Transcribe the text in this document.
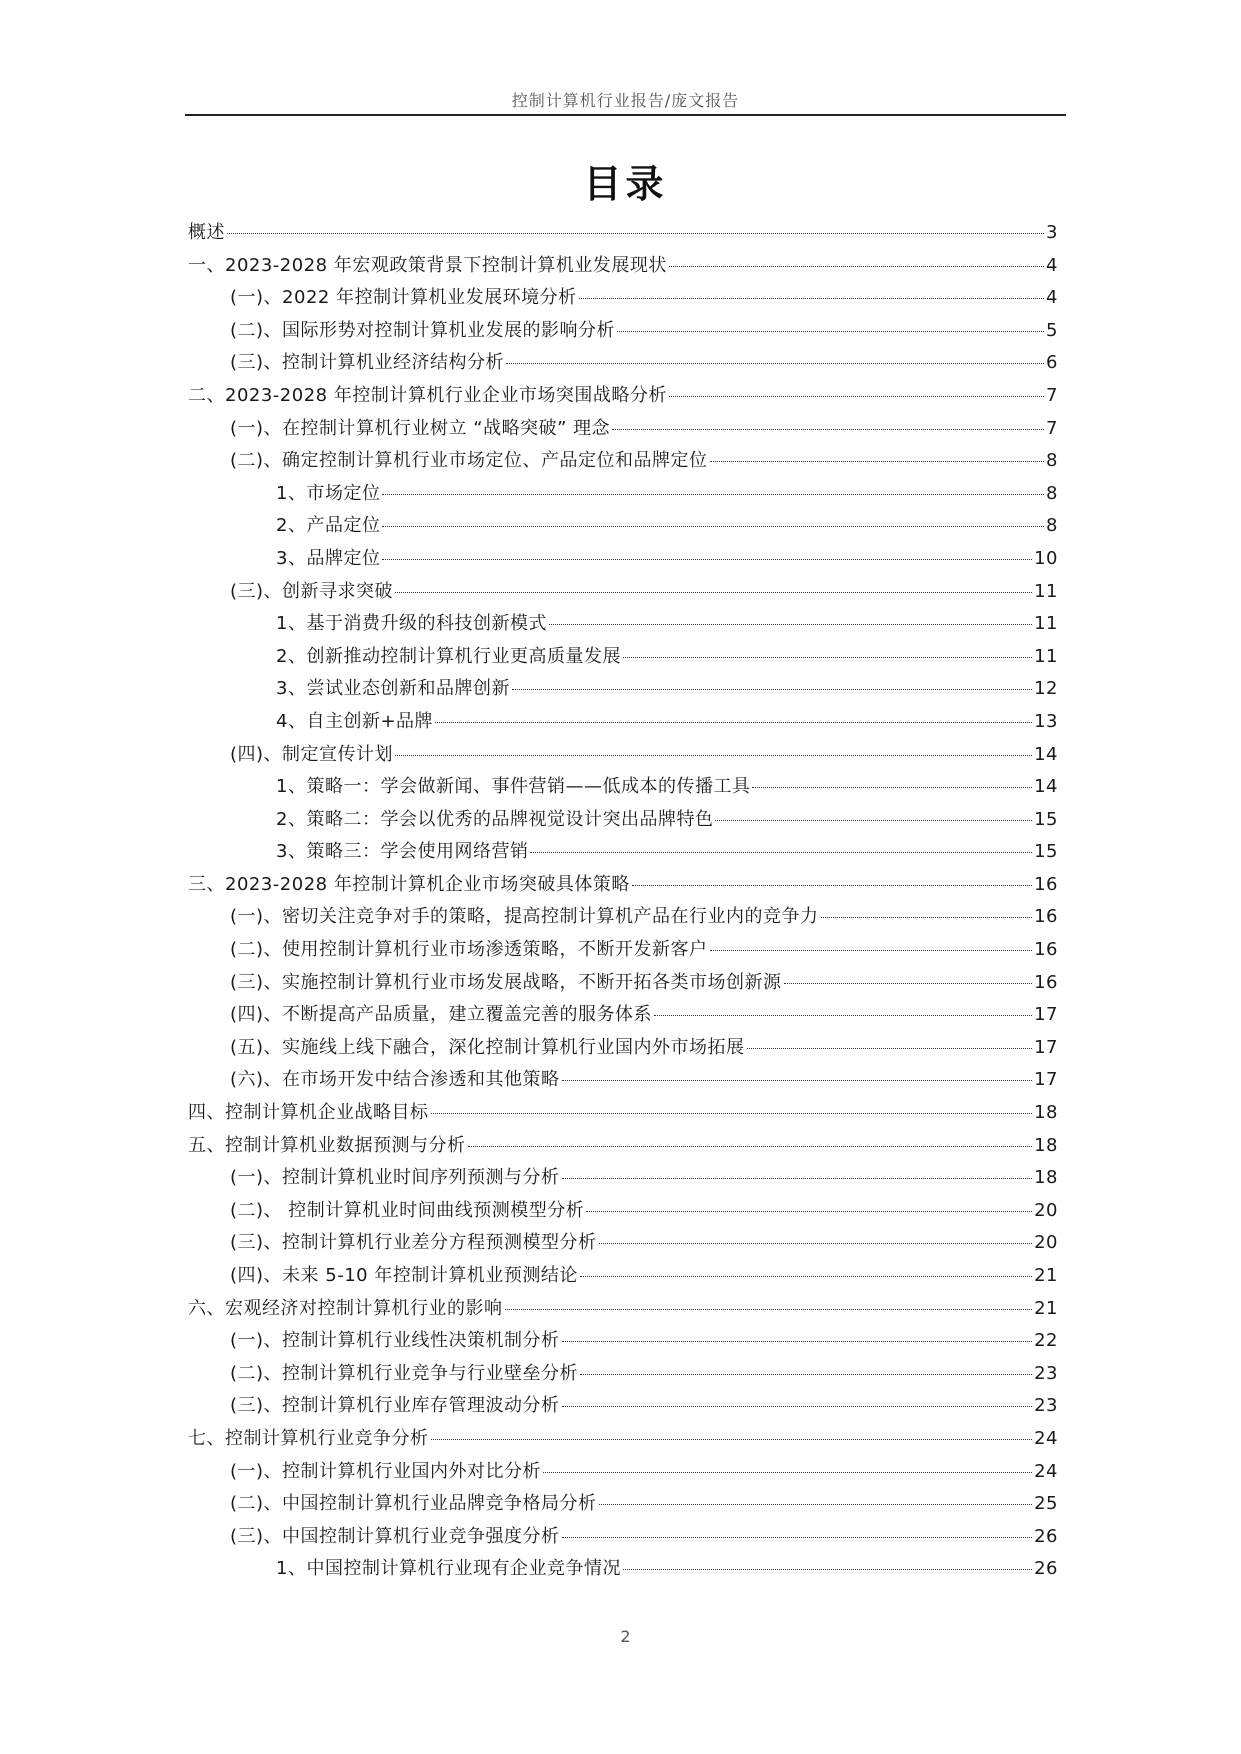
控制计算机行业报告/庞文报告
目录
概述	3
一、2023-2028 年宏观政策背景下控制计算机业发展现状	4
(一)、2022 年控制计算机业发展环境分析	4
(二)、国际形势对控制计算机业发展的影响分析	5
(三)、控制计算机业经济结构分析	6
二、2023-2028 年控制计算机行业企业市场突围战略分析	7
(一)、在控制计算机行业树立 “战略突破” 理念	7
(二)、确定控制计算机行业市场定位、产品定位和品牌定位	8
1、市场定位	8
2、产品定位	8
3、品牌定位	10
(三)、创新寻求突破	11
1、基于消费升级的科技创新模式	11
2、创新推动控制计算机行业更高质量发展	11
3、尝试业态创新和品牌创新	12
4、自主创新+品牌	13
(四)、制定宣传计划	14
1、策略一：学会做新闻、事件营销——低成本的传播工具	14
2、策略二：学会以优秀的品牌视觉设计突出品牌特色	15
3、策略三：学会使用网络营销	15
三、2023-2028 年控制计算机企业市场突破具体策略	16
(一)、密切关注竞争对手的策略，提高控制计算机产品在行业内的竞争力	16
(二)、使用控制计算机行业市场渗透策略，不断开发新客户	16
(三)、实施控制计算机行业市场发展战略，不断开拓各类市场创新源	16
(四)、不断提高产品质量，建立覆盖完善的服务体系	17
(五)、实施线上线下融合，深化控制计算机行业国内外市场拓展	17
(六)、在市场开发中结合渗透和其他策略	17
四、控制计算机企业战略目标	18
五、控制计算机业数据预测与分析	18
(一)、控制计算机业时间序列预测与分析	18
(二)、 控制计算机业时间曲线预测模型分析	20
(三)、控制计算机行业差分方程预测模型分析	20
(四)、未来 5-10 年控制计算机业预测结论	21
六、宏观经济对控制计算机行业的影响	21
(一)、控制计算机行业线性决策机制分析	22
(二)、控制计算机行业竞争与行业壁垒分析	23
(三)、控制计算机行业库存管理波动分析	23
七、控制计算机行业竞争分析	24
(一)、控制计算机行业国内外对比分析	24
(二)、中国控制计算机行业品牌竞争格局分析	25
(三)、中国控制计算机行业竞争强度分析	26
1、中国控制计算机行业现有企业竞争情况	26
2
